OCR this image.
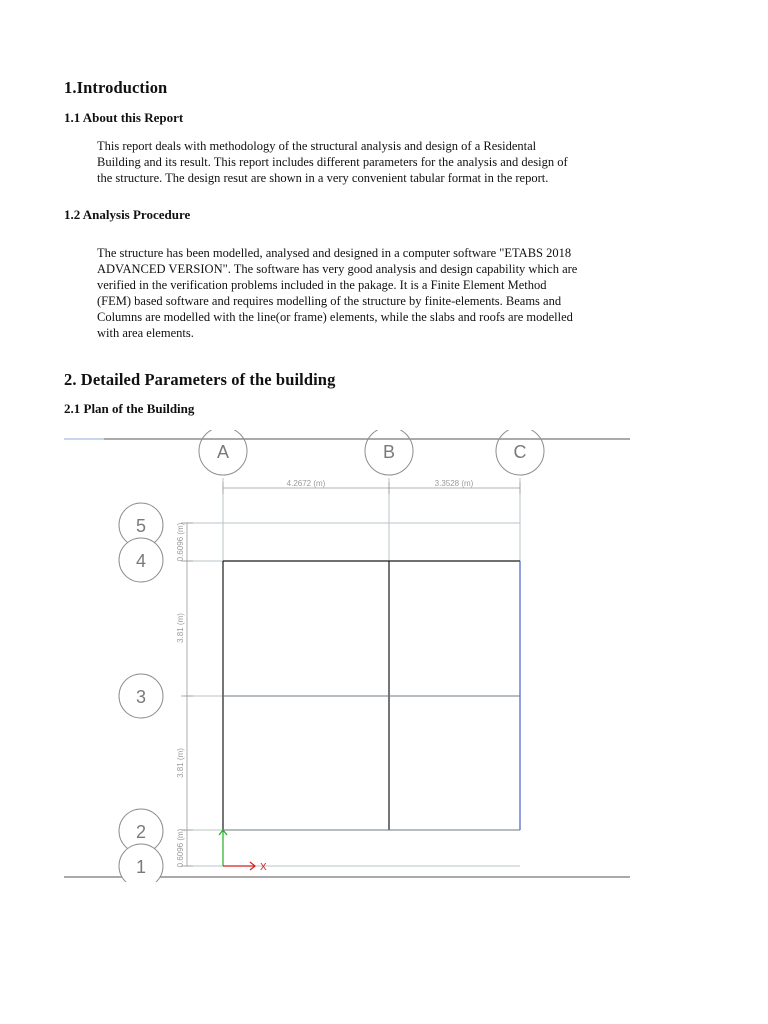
1.Introduction
1.1 About this Report
This report deals with methodology of the structural analysis and design of a Residental
Building and its result. This report includes different parameters for the analysis and design of
the structure. The design resut are shown in a very convenient tabular format in the report.
1.2 Analysis Procedure
The structure has been modelled, analysed and designed in a computer software "ETABS 2018
ADVANCED VERSION". The software has very good analysis and design capability which are
verified in the verification problems included in the pakage. It is a Finite Element Method
(FEM) based software and requires modelling of the structure by finite-elements. Beams and
Columns are modelled with the line(or frame) elements, while the slabs and roofs are modelled
with area elements.
2. Detailed Parameters of the building
2.1 Plan of the Building
4.2672 (m)	3.3528 (m)
0.6096 (m)
3.81 (m)
3.81 (m)
0.6096 (m)
A	B	C
5
4
3
2
1	X
